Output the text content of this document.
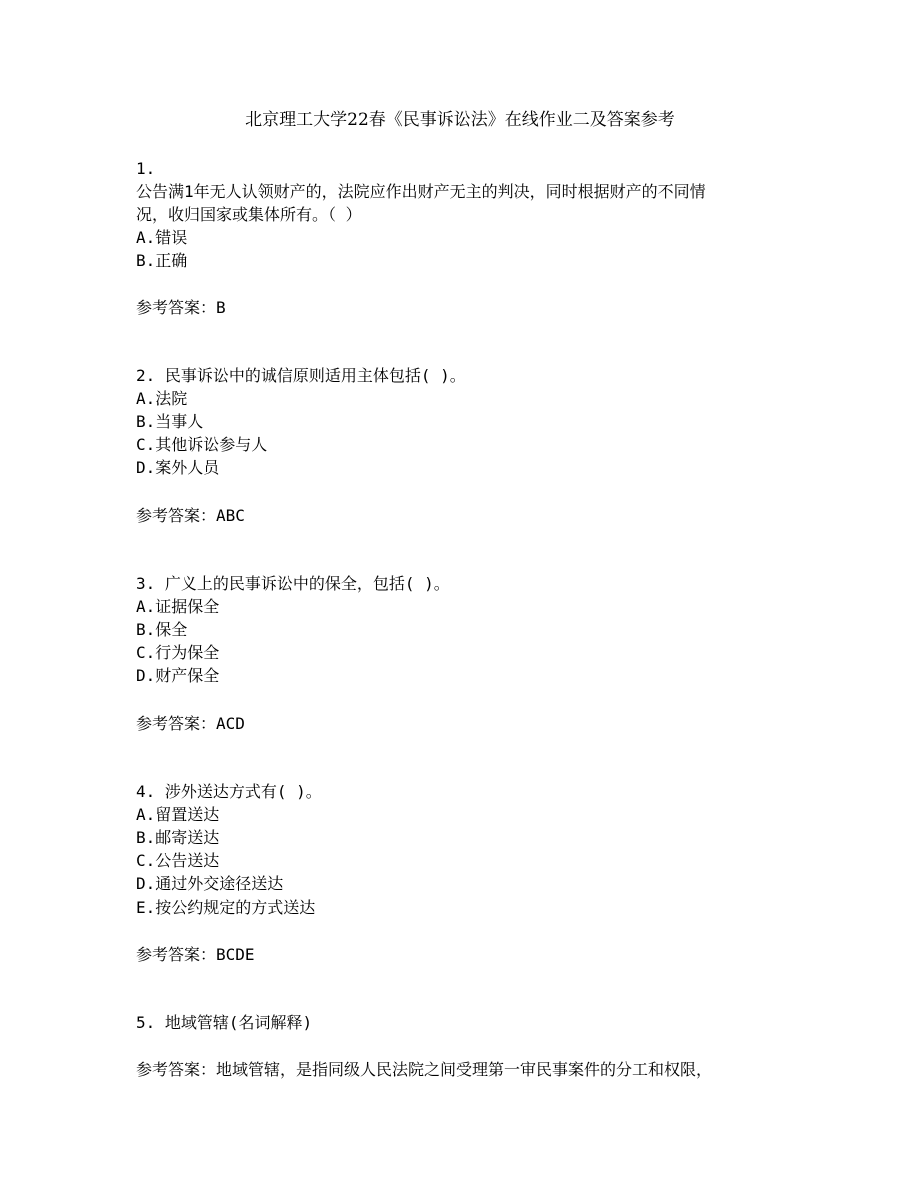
北京理工大学22春《民事诉讼法》在线作业二及答案参考
1.
公告满1年无人认领财产的，法院应作出财产无主的判决，同时根据财产的不同情
况，收归国家或集体所有。（ ）
A.错误
B.正确
参考答案：B
2. 民事诉讼中的诚信原则适用主体包括( )。
A.法院
B.当事人
C.其他诉讼参与人
D.案外人员
参考答案：ABC
3. 广义上的民事诉讼中的保全，包括( )。
A.证据保全
B.保全
C.行为保全
D.财产保全
参考答案：ACD
4. 涉外送达方式有( )。
A.留置送达
B.邮寄送达
C.公告送达
D.通过外交途径送达
E.按公约规定的方式送达
参考答案：BCDE
5. 地域管辖(名词解释)
参考答案：地域管辖，是指同级人民法院之间受理第一审民事案件的分工和权限，
